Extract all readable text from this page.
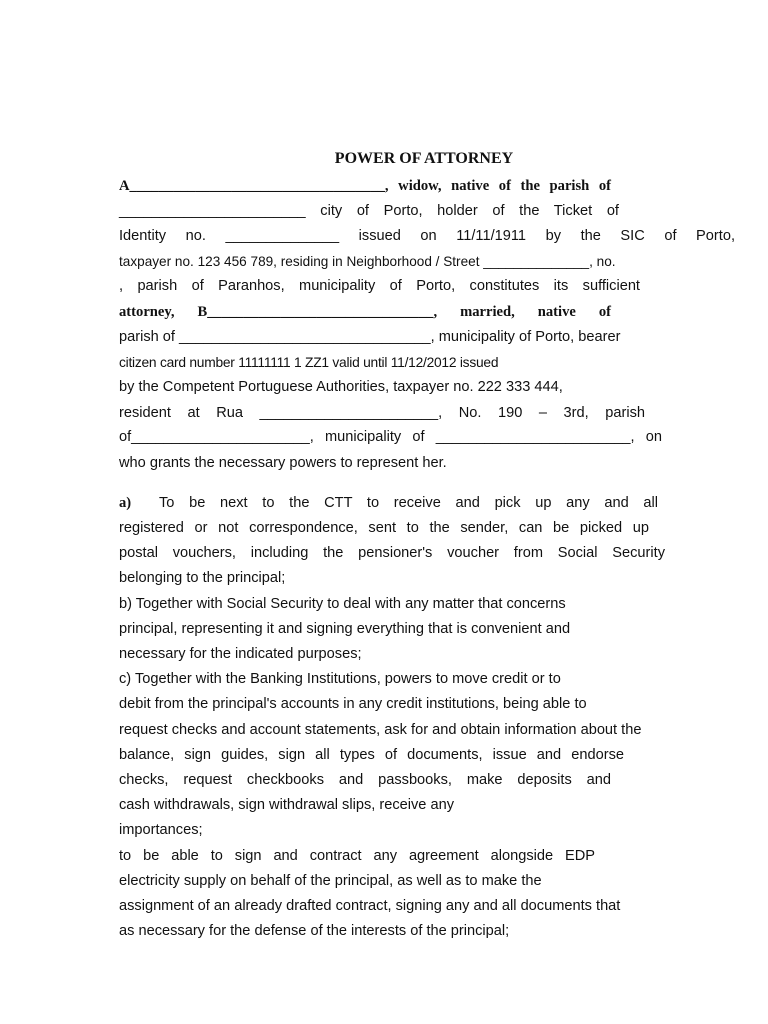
POWER OF ATTORNEY
A___________________________________, widow, native of the parish of
_______________________ city of Porto, holder of the Ticket of
Identity no. ______________ issued on 11/11/1911 by the SIC of Porto,
taxpayer no. 123 456 789, residing in Neighborhood / Street ______________, no.
, parish of Paranhos, municipality of Porto, constitutes its sufficient
attorney, B_______________________________, married, native of
parish of _______________________________, municipality of Porto, bearer
citizen card number 11111111 1 ZZ1 valid until 11/12/2012 issued
by the Competent Portuguese Authorities, taxpayer no. 222 333 444,
resident at Rua ______________________, No. 190 – 3rd, parish
of______________________, municipality of ________________________, on
who grants the necessary powers to represent her.
a) To be next to the CTT to receive and pick up any and all
registered or not correspondence, sent to the sender, can be picked up
postal vouchers, including the pensioner's voucher from Social Security
belonging to the principal;
b) Together with Social Security to deal with any matter that concerns
principal, representing it and signing everything that is convenient and
necessary for the indicated purposes;
c) Together with the Banking Institutions, powers to move credit or to
debit from the principal's accounts in any credit institutions, being able to
request checks and account statements, ask for and obtain information about the
balance, sign guides, sign all types of documents, issue and endorse
checks, request checkbooks and passbooks, make deposits and
cash withdrawals, sign withdrawal slips, receive any
importances;
to be able to sign and contract any agreement alongside EDP
electricity supply on behalf of the principal, as well as to make the
assignment of an already drafted contract, signing any and all documents that
as necessary for the defense of the interests of the principal;
